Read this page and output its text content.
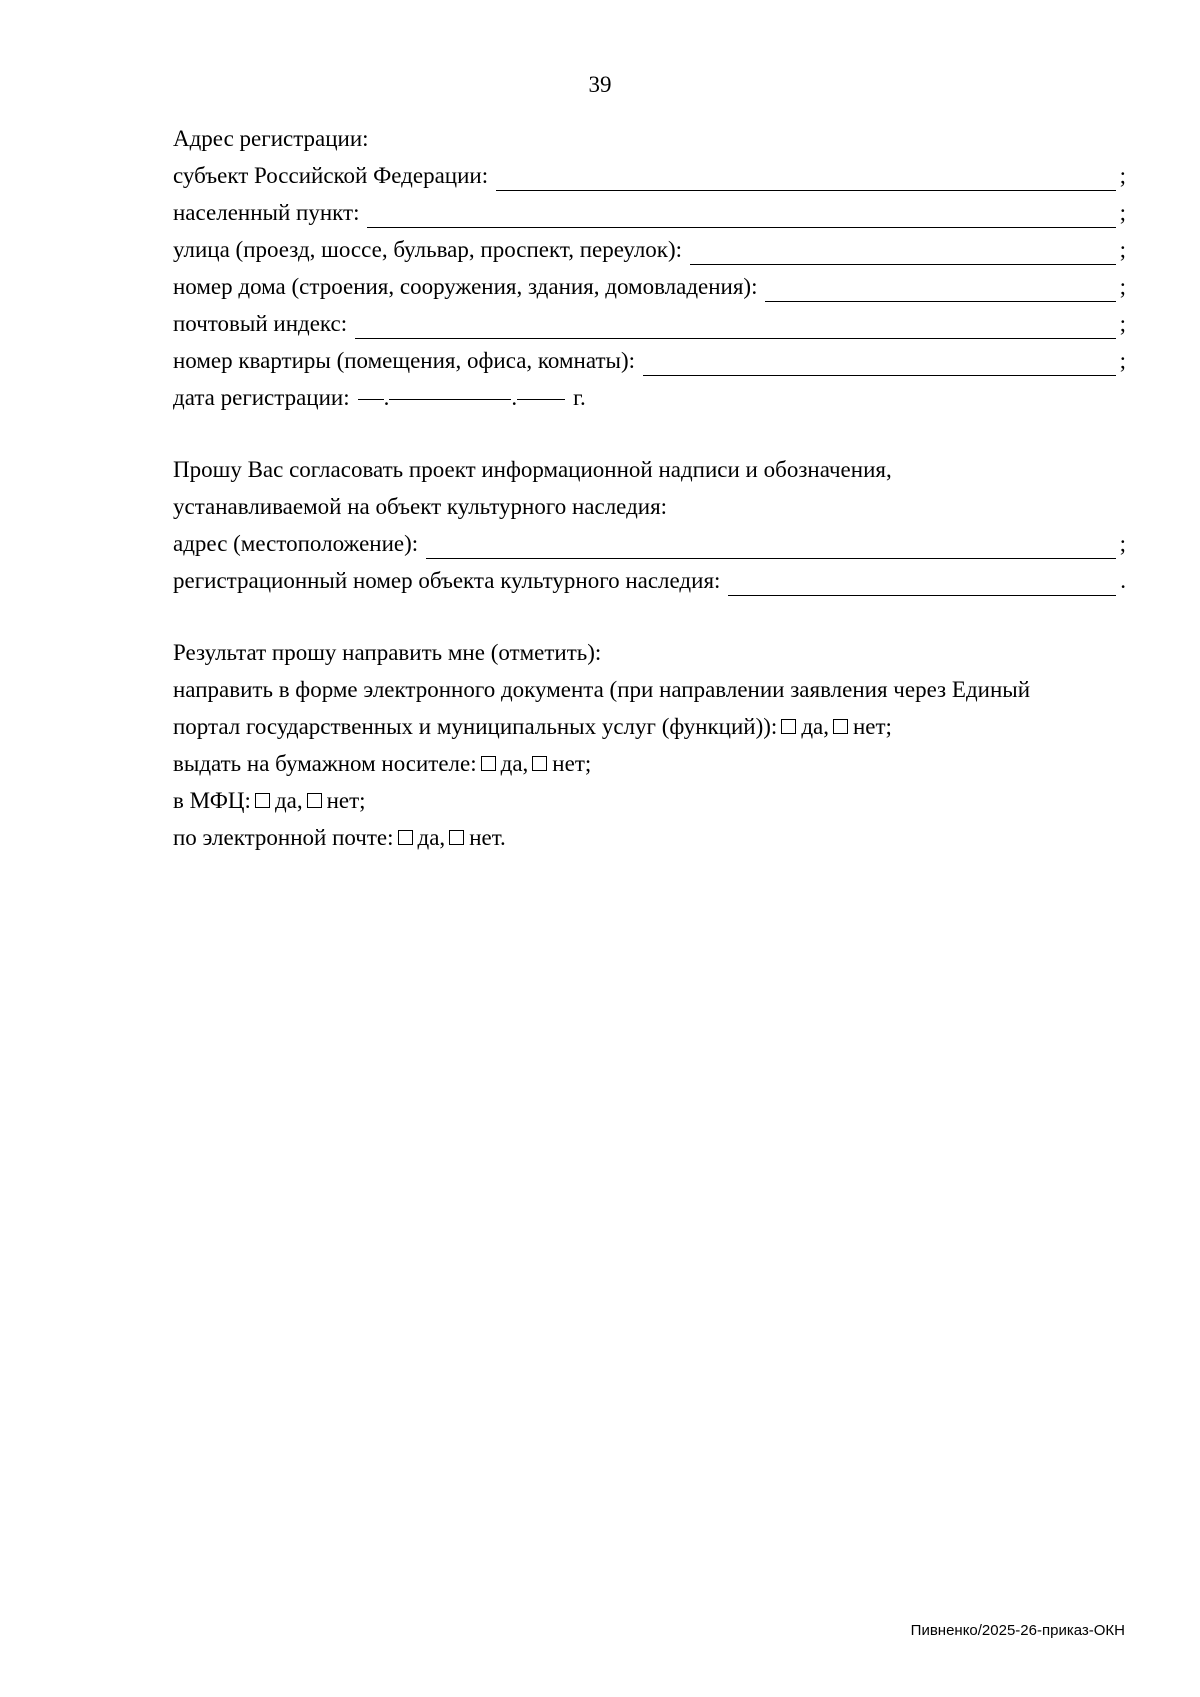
39
Адрес регистрации:
субъект Российской Федерации:	;
населенный пункт:	;
улица (проезд, шоссе, бульвар, проспект, переулок):	;
номер дома (строения, сооружения, здания, домовладения):	;
почтовый индекс:	;
номер квартиры (помещения, офиса, комнаты):	;
дата регистрации: .	. г.
Прошу Вас согласовать проект информационной надписи и обозначения,
устанавливаемой на объект культурного наследия:
адрес (местоположение):	;
регистрационный номер объекта культурного наследия:	.
Результат прошу направить мне (отметить):
направить в форме электронного документа (при направлении заявления через Единый
портал государственных и муниципальных услуг (функций)): да, нет;
выдать на бумажном носителе: да, нет;
в МФЦ: да, нет;
по электронной почте: да, нет.
Пивненко/2025-26-приказ-ОКН
